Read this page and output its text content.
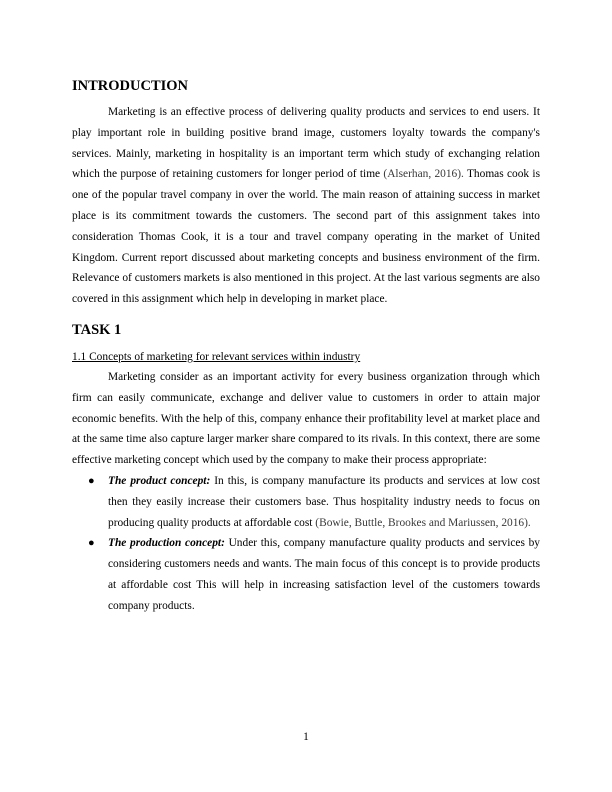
INTRODUCTION

Marketing is an effective process of delivering quality products and services to end users. It play important role in building positive brand image, customers loyalty towards the company's services. Mainly, marketing in hospitality is an important term which study of exchanging relation which the purpose of retaining customers for longer period of time (Alserhan, 2016). Thomas cook is one of the popular travel company in over the world. The main reason of attaining success in market place is its commitment towards the customers. The second part of this assignment takes into consideration Thomas Cook, it is a tour and travel company operating in the market of United Kingdom. Current report discussed about marketing concepts and business environment of the firm. Relevance of customers markets is also mentioned in this project. At the last various segments are also covered in this assignment which help in developing in market place.

TASK 1

1.1 Concepts of marketing for relevant services within industry

Marketing consider as an important activity for every business organization through which firm can easily communicate, exchange and deliver value to customers in order to attain major economic benefits. With the help of this, company enhance their profitability level at market place and at the same time also capture larger marker share compared to its rivals. In this context, there are some effective marketing concept which used by the company to make their process appropriate:

● The product concept: In this, is company manufacture its products and services at low cost then they easily increase their customers base. Thus hospitality industry needs to focus on producing quality products at affordable cost (Bowie, Buttle, Brookes and Mariussen, 2016).
● The production concept: Under this, company manufacture quality products and services by considering customers needs and wants. The main focus of this concept is to provide products at affordable cost This will help in increasing satisfaction level of the customers towards company products.
1
